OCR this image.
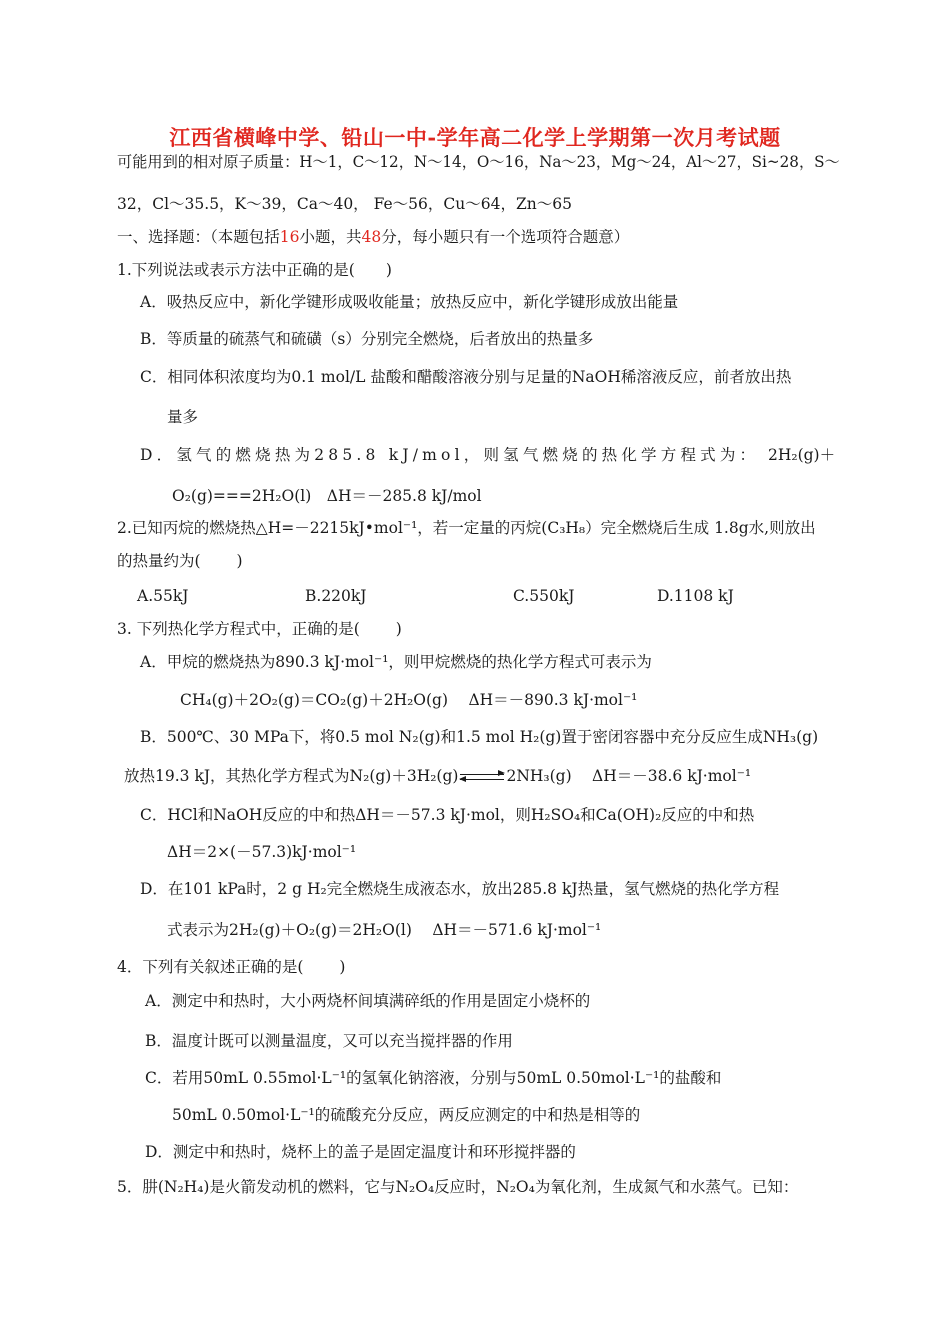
江西省横峰中学、铅山一中-学年高二化学上学期第一次月考试题
可能用到的相对原子质量：H～1，C～12，N～14，O～16，Na～23，Mg～24，Al～27，Si~28，S～
32，Cl～35.5，K～39，Ca～40， Fe～56，Cu～64，Zn～65
一、选择题：（本题包括16小题，共48分，每小题只有一个选项符合题意）
1.下列说法或表示方法中正确的是(　　)
A．吸热反应中，新化学键形成吸收能量；放热反应中，新化学键形成放出能量
B．等质量的硫蒸气和硫磺（s）分别完全燃烧，后者放出的热量多
C．相同体积浓度均为0.1 mol/L 盐酸和醋酸溶液分别与足量的NaOH稀溶液反应，前者放出热
量多
D．氢气的燃烧热为285.8 kJ/mol，则氢气燃烧的热化学方程式为： 2H₂(g)＋
O₂(g)===2H₂O(l)　ΔH＝－285.8 kJ/mol
2.已知丙烷的燃烧热△H=－2215kJ•mol⁻¹，若一定量的丙烷(C₃H₈）完全燃烧后生成 1.8g水,则放出
的热量约为(　　 )
A.55kJ	B.220kJ	C.550kJ	D.1108 kJ
3. 下列热化学方程式中，正确的是(　　 )
A．甲烷的燃烧热为890.3 kJ·mol⁻¹，则甲烷燃烧的热化学方程式可表示为
CH₄(g)＋2O₂(g)＝CO₂(g)＋2H₂O(g)　 ΔH＝－890.3 kJ·mol⁻¹
B．500℃、30 MPa下，将0.5 mol N₂(g)和1.5 mol H₂(g)置于密闭容器中充分反应生成NH₃(g)
放热19.3 kJ，其热化学方程式为N₂(g)＋3H₂(g)	2NH₃(g)　 ΔH＝－38.6 kJ·mol⁻¹
C．HCl和NaOH反应的中和热ΔH＝－57.3 kJ·mol，则H₂SO₄和Ca(OH)₂反应的中和热
ΔH＝2×(－57.3)kJ·mol⁻¹
D．在101 kPa时，2 g H₂完全燃烧生成液态水，放出285.8 kJ热量，氢气燃烧的热化学方程
式表示为2H₂(g)＋O₂(g)＝2H₂O(l)　 ΔH＝－571.6 kJ·mol⁻¹
4．下列有关叙述正确的是(　　 )
A．测定中和热时，大小两烧杯间填满碎纸的作用是固定小烧杯的
B．温度计既可以测量温度，又可以充当搅拌器的作用
C．若用50mL 0.55mol·L⁻¹的氢氧化钠溶液，分别与50mL 0.50mol·L⁻¹的盐酸和
50mL 0.50mol·L⁻¹的硫酸充分反应，两反应测定的中和热是相等的
D．测定中和热时，烧杯上的盖子是固定温度计和环形搅拌器的
5．肼(N₂H₄)是火箭发动机的燃料，它与N₂O₄反应时，N₂O₄为氧化剂，生成氮气和水蒸气。已知：
